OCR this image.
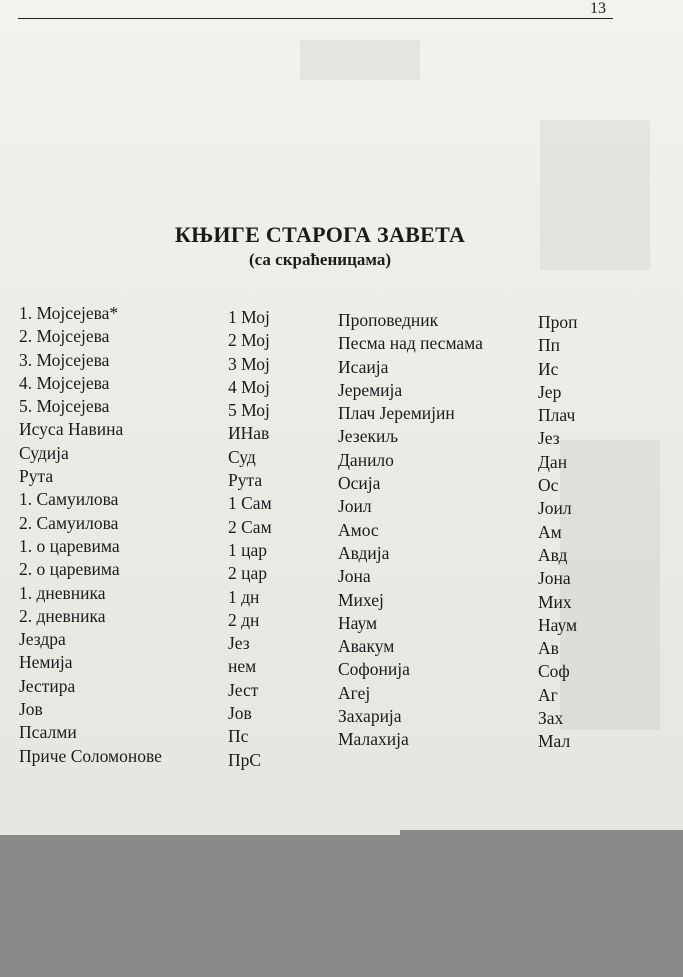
13
КЊИГЕ СТАРОГА ЗАВЕТА
(са скраћеницама)
1. Мојсејева*
2. Мојсејева
3. Мојсејева
4. Мојсејева
5. Мојсејева
Исуса Навина
Судија
Рута
1. Самуилова
2. Самуилова
1. о царевима
2. о царевима
1. дневника
2. дневника
Јездра
Немија
Јестира
Јов
Псалми
Приче Соломонове
1 Мој
2 Мој
3 Мој
4 Мој
5 Мој
ИНав
Суд
Рута
1 Сам
2 Сам
1 цар
2 цар
1 дн
2 дн
Јез
нем
Јест
Јов
Пс
ПрС
Проповедник
Песма над песмама
Исаија
Јеремија
Плач Јеремијин
Језекиљ
Данило
Осија
Јоил
Амос
Авдија
Јона
Михеј
Наум
Авакум
Софонија
Агеј
Захарија
Малахија
Проп
Пп
Ис
Јер
Плач
Јез
Дан
Ос
Јоил
Ам
Авд
Јона
Мих
Наум
Ав
Соф
Аг
Зах
Мал
